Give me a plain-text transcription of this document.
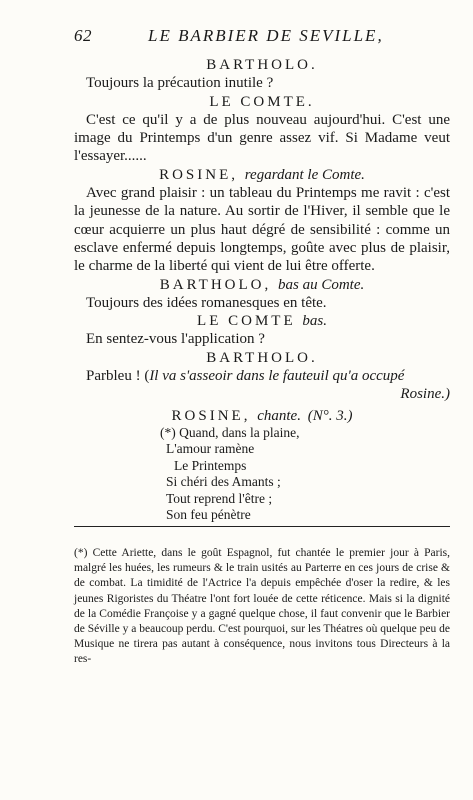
62	LE BARBIER DE SEVILLE,
BARTHOLO.
Toujours la précaution inutile ?
LE COMTE.
C'est ce qu'il y a de plus nouveau aujourd'hui. C'est une image du Printemps d'un genre assez vif. Si Madame veut l'essayer......
ROSINE, regardant le Comte.
Avec grand plaisir : un tableau du Printemps me ravit : c'est la jeunesse de la nature. Au sortir de l'Hiver, il semble que le cœur acquierre un plus haut dégré de sensibilité : comme un esclave enfermé depuis longtemps, goûte avec plus de plaisir, le charme de la liberté qui vient de lui être offerte.
BARTHOLO, bas au Comte.
Toujours des idées romanesques en tête.
LE COMTE bas.
En sentez-vous l'application ?
BARTHOLO.
Parbleu ! (Il va s'asseoir dans le fauteuil qu'a occupé
Rosine.)
ROSINE, chante. (N°. 3.)
(*) Quand, dans la plaine,
L'amour ramène
Le Printemps
Si chéri des Amants ;
Tout reprend l'être ;
Son feu pénètre
(*) Cette Ariette, dans le goût Espagnol, fut chantée le premier jour à Paris, malgré les huées, les rumeurs & le train usités au Parterre en ces jours de crise & de combat. La timidité de l'Actrice l'a depuis empêchée d'oser la redire, & les jeunes Rigoristes du Théatre l'ont fort louée de cette réticence. Mais si la dignité de la Comédie Françoise y a gagné quelque chose, il faut convenir que le Barbier de Séville y a beaucoup perdu. C'est pourquoi, sur les Théatres où quelque peu de Musique ne tirera pas autant à conséquence, nous invitons tous Directeurs à la res-
